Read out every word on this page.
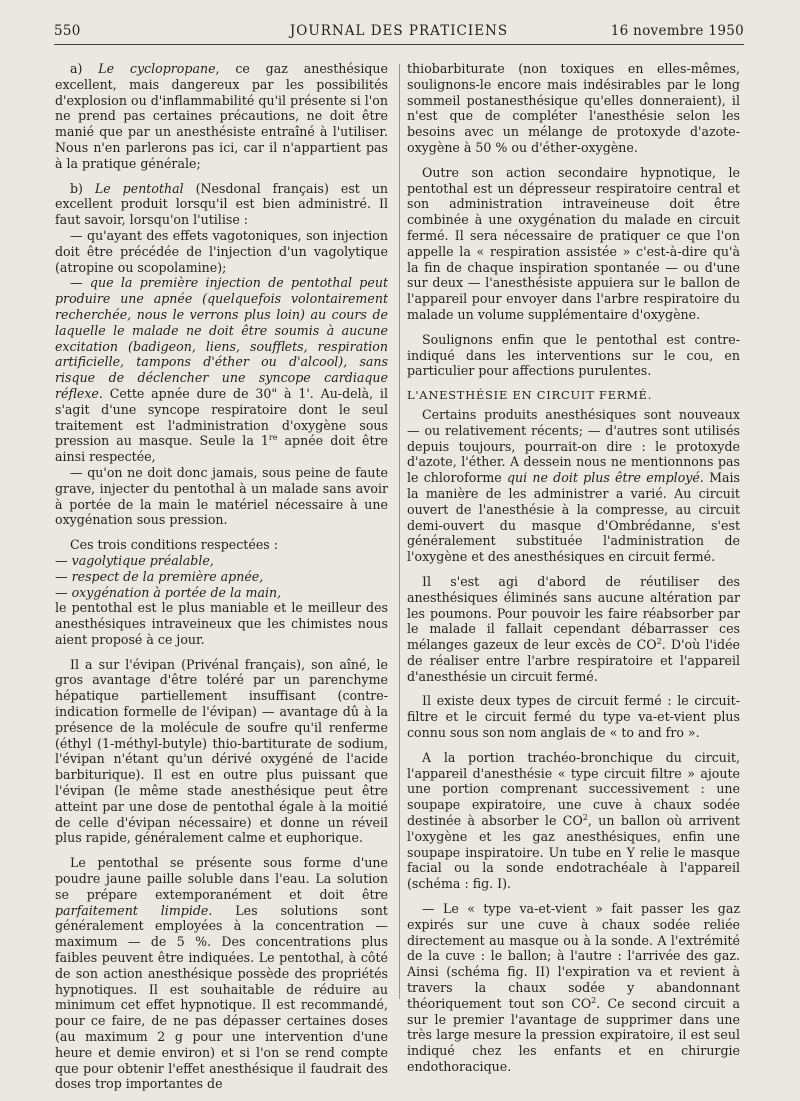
550	JOURNAL DES PRATICIENS	16 novembre 1950

a) Le cyclopropane, ce gaz anesthésique excellent, mais dangereux par les possibilités d'explosion ou d'inflammabilité qu'il présente si l'on ne prend pas certaines précautions, ne doit être manié que par un anesthésiste entraîné à l'utiliser. Nous n'en parlerons pas ici, car il n'appartient pas à la pratique générale;

b) Le pentothal (Nesdonal français) est un excellent produit lorsqu'il est bien administré. Il faut savoir, lorsqu'on l'utilise :

— qu'ayant des effets vagotoniques, son injection doit être précédée de l'injection d'un vagolytique (atropine ou scopolamine);

— que la première injection de pentothal peut produire une apnée (quelquefois volontairement recherchée, nous le verrons plus loin) au cours de laquelle le malade ne doit être soumis à aucune excitation (badigeon, liens, soufflets, respiration artificielle, tampons d'éther ou d'alcool), sans risque de déclencher une syncope cardiaque réflexe. Cette apnée dure de 30" à 1'. Au-delà, il s'agit d'une syncope respiratoire dont le seul traitement est l'administration d'oxygène sous pression au masque. Seule la 1re apnée doit être ainsi respectée,

— qu'on ne doit donc jamais, sous peine de faute grave, injecter du pentothal à un malade sans avoir à portée de la main le matériel nécessaire à une oxygénation sous pression.

Ces trois conditions respectées :

— vagolytique préalable,

— respect de la première apnée,

— oxygénation à portée de la main,

le pentothal est le plus maniable et le meilleur des anesthésiques intraveineux que les chimistes nous aient proposé à ce jour.

Il a sur l'évipan (Privénal français), son aîné, le gros avantage d'être toléré par un parenchyme hépatique partiellement insuffisant (contre-indication formelle de l'évipan) — avantage dû à la présence de la molécule de soufre qu'il renferme (éthyl (1-méthyl-butyle) thio-bartiturate de sodium, l'évipan n'étant qu'un dérivé oxygéné de l'acide barbiturique). Il est en outre plus puissant que l'évipan (le même stade anesthésique peut être atteint par une dose de pentothal égale à la moitié de celle d'évipan nécessaire) et donne un réveil plus rapide, généralement calme et euphorique.

Le pentothal se présente sous forme d'une poudre jaune paille soluble dans l'eau. La solution se prépare extemporanément et doit être parfaitement limpide. Les solutions sont généralement employées à la concentration — maximum — de 5 %. Des concentrations plus faibles peuvent être indiquées. Le pentothal, à côté de son action anesthésique possède des propriétés hypnotiques. Il est souhaitable de réduire au minimum cet effet hypnotique. Il est recommandé, pour ce faire, de ne pas dépasser certaines doses (au maximum 2 g pour une intervention d'une heure et demie environ) et si l'on se rend compte que pour obtenir l'effet anesthésique il faudrait des doses trop importantes de

thiobarbiturate (non toxiques en elles-mêmes, soulignons-le encore mais indésirables par le long sommeil postanesthésique qu'elles donneraient), il n'est que de compléter l'anesthésie selon les besoins avec un mélange de protoxyde d'azote-oxygène à 50 % ou d'éther-oxygène.

Outre son action secondaire hypnotique, le pentothal est un dépresseur respiratoire central et son administration intraveineuse doit être combinée à une oxygénation du malade en circuit fermé. Il sera nécessaire de pratiquer ce que l'on appelle la « respiration assistée » c'est-à-dire qu'à la fin de chaque inspiration spontanée — ou d'une sur deux — l'anesthésiste appuiera sur le ballon de l'appareil pour envoyer dans l'arbre respiratoire du malade un volume supplémentaire d'oxygène.

Soulignons enfin que le pentothal est contre-indiqué dans les interventions sur le cou, en particulier pour affections purulentes.

L'ANESTHÉSIE EN CIRCUIT FERMÉ.

Certains produits anesthésiques sont nouveaux — ou relativement récents; — d'autres sont utilisés depuis toujours, pourrait-on dire : le protoxyde d'azote, l'éther. A dessein nous ne mentionnons pas le chloroforme qui ne doit plus être employé. Mais la manière de les administrer a varié. Au circuit ouvert de l'anesthésie à la compresse, au circuit demi-ouvert du masque d'Ombrédanne, s'est généralement substituée l'administration de l'oxygène et des anesthésiques en circuit fermé.

Il s'est agi d'abord de réutiliser des anesthésiques éliminés sans aucune altération par les poumons. Pour pouvoir les faire réabsorber par le malade il fallait cependant débarrasser ces mélanges gazeux de leur excès de $CO^2$. D'où l'idée de réaliser entre l'arbre respiratoire et l'appareil d'anesthésie un circuit fermé.

Il existe deux types de circuit fermé : le circuit-filtre et le circuit fermé du type va-et-vient plus connu sous son nom anglais de « to and fro ».

A la portion trachéo-bronchique du circuit, l'appareil d'anesthésie « type circuit filtre » ajoute une portion comprenant successivement : une soupape expiratoire, une cuve à chaux sodée destinée à absorber le $CO^2$, un ballon où arrivent l'oxygène et les gaz anesthésiques, enfin une soupape inspiratoire. Un tube en Y relie le masque facial ou la sonde endotrachéale à l'appareil (schéma : fig. I).

— Le « type va-et-vient » fait passer les gaz expirés sur une cuve à chaux sodée reliée directement au masque ou à la sonde. A l'extrémité de la cuve : le ballon; à l'autre : l'arrivée des gaz. Ainsi (schéma fig. II) l'expiration va et revient à travers la chaux sodée y abandonnant théoriquement tout son $CO^2$. Ce second circuit a sur le premier l'avantage de supprimer dans une très large mesure la pression expiratoire, il est seul indiqué chez les enfants et en chirurgie endothoracique.
